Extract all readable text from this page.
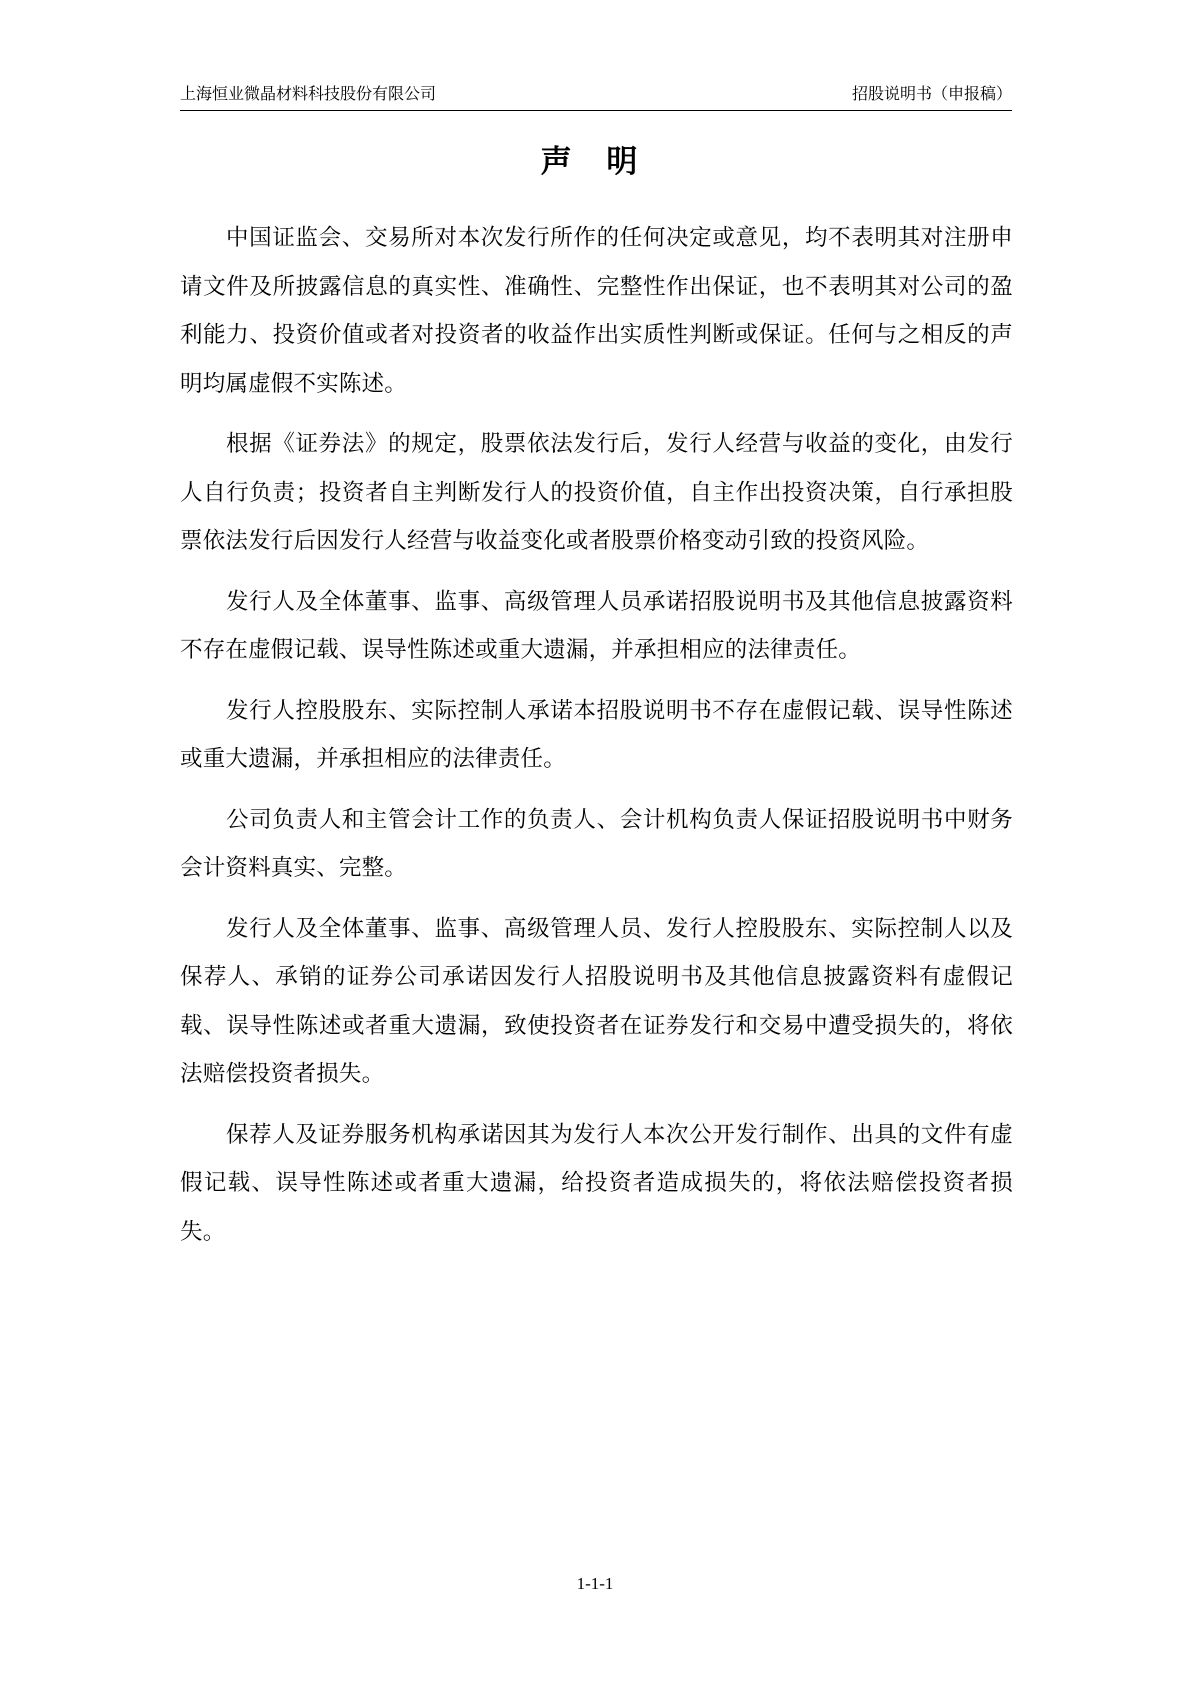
上海恒业微晶材料科技股份有限公司	招股说明书（申报稿）
声 明

中国证监会、交易所对本次发行所作的任何决定或意见，均不表明其对注册申请文件及所披露信息的真实性、准确性、完整性作出保证，也不表明其对公司的盈利能力、投资价值或者对投资者的收益作出实质性判断或保证。任何与之相反的声明均属虚假不实陈述。

根据《证券法》的规定，股票依法发行后，发行人经营与收益的变化，由发行人自行负责；投资者自主判断发行人的投资价值，自主作出投资决策，自行承担股票依法发行后因发行人经营与收益变化或者股票价格变动引致的投资风险。

发行人及全体董事、监事、高级管理人员承诺招股说明书及其他信息披露资料不存在虚假记载、误导性陈述或重大遗漏，并承担相应的法律责任。

发行人控股股东、实际控制人承诺本招股说明书不存在虚假记载、误导性陈述或重大遗漏，并承担相应的法律责任。

公司负责人和主管会计工作的负责人、会计机构负责人保证招股说明书中财务会计资料真实、完整。

发行人及全体董事、监事、高级管理人员、发行人控股股东、实际控制人以及保荐人、承销的证券公司承诺因发行人招股说明书及其他信息披露资料有虚假记载、误导性陈述或者重大遗漏，致使投资者在证券发行和交易中遭受损失的，将依法赔偿投资者损失。

保荐人及证券服务机构承诺因其为发行人本次公开发行制作、出具的文件有虚假记载、误导性陈述或者重大遗漏，给投资者造成损失的，将依法赔偿投资者损失。

1-1-1
